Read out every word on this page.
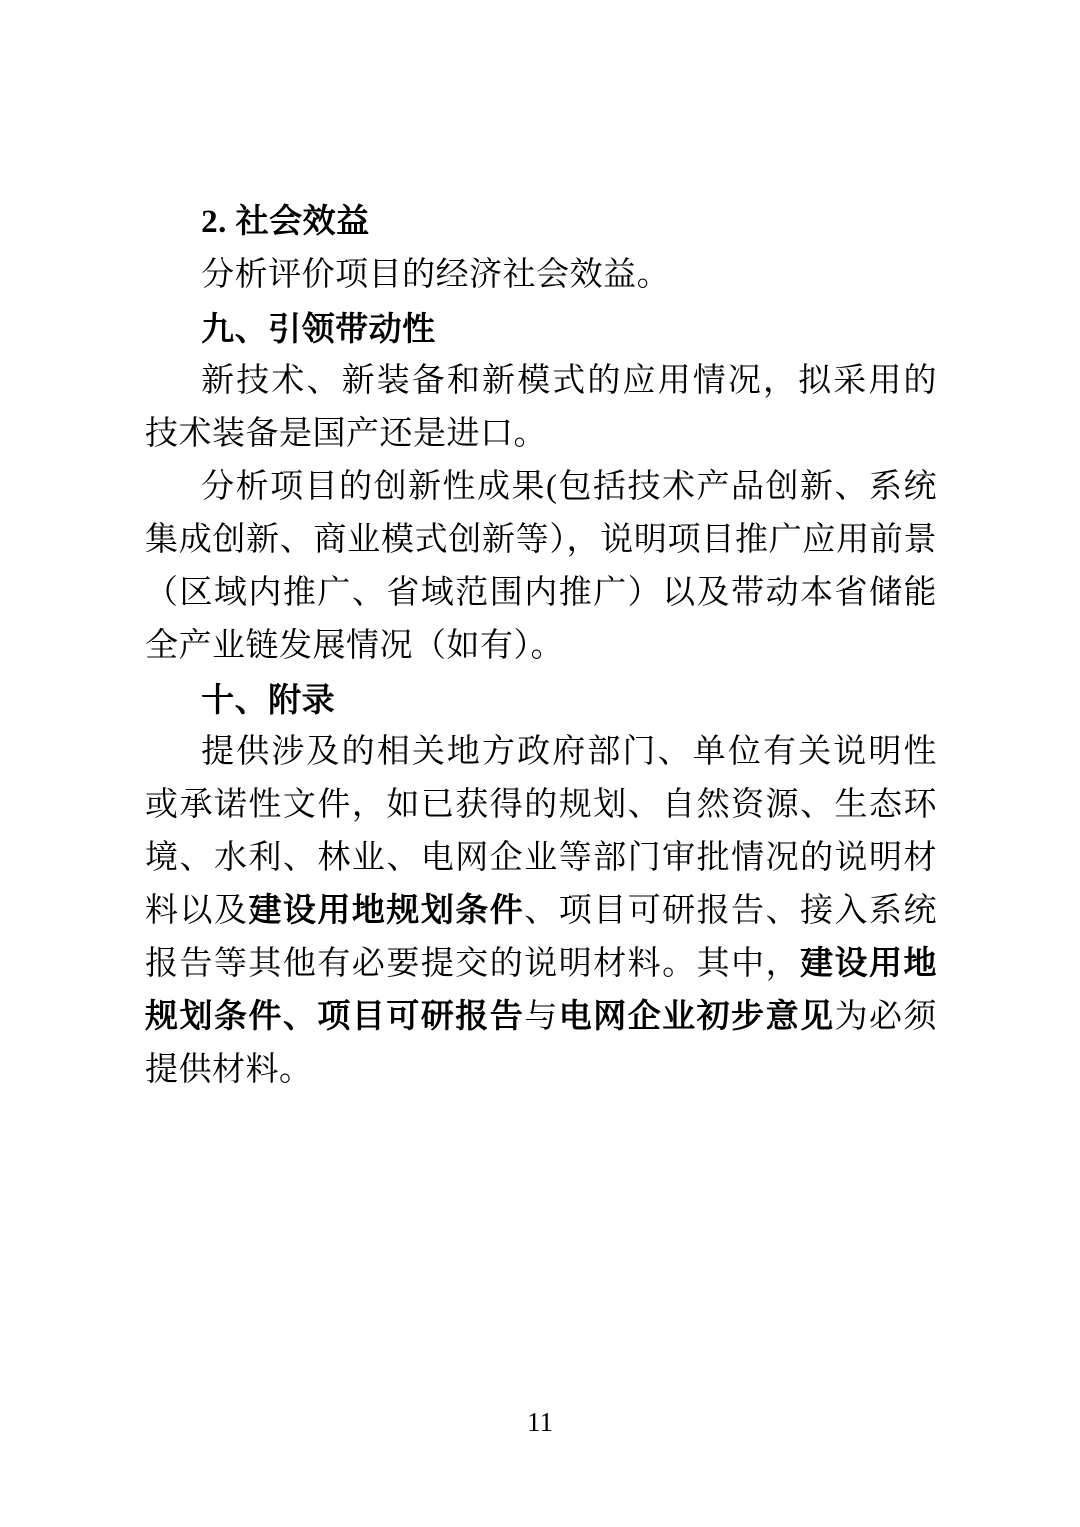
2. 社会效益

分析评价项目的经济社会效益。

九、引领带动性

新技术、新装备和新模式的应用情况，拟采用的技术装备是国产还是进口。

分析项目的创新性成果(包括技术产品创新、系统集成创新、商业模式创新等），说明项目推广应用前景（区域内推广、省域范围内推广）以及带动本省储能全产业链发展情况（如有）。

十、附录

提供涉及的相关地方政府部门、单位有关说明性或承诺性文件，如已获得的规划、自然资源、生态环境、水利、林业、电网企业等部门审批情况的说明材料以及建设用地规划条件、项目可研报告、接入系统报告等其他有必要提交的说明材料。其中，建设用地规划条件、项目可研报告与电网企业初步意见为必须提供材料。

11
